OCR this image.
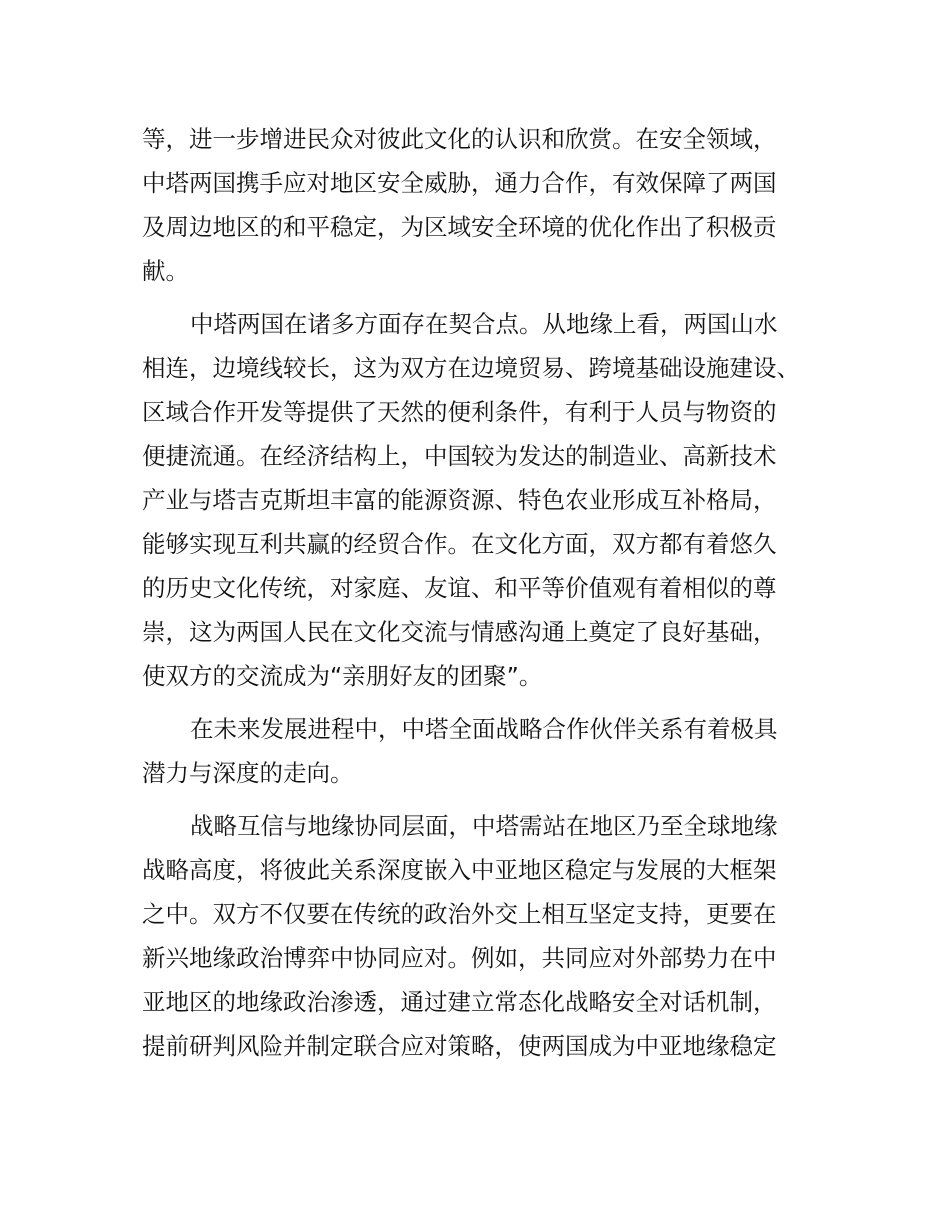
等，进一步增进民众对彼此文化的认识和欣赏。在安全领域，
中塔两国携手应对地区安全威胁，通力合作，有效保障了两国
及周边地区的和平稳定，为区域安全环境的优化作出了积极贡
献。
中塔两国在诸多方面存在契合点。从地缘上看，两国山水
相连，边境线较长，这为双方在边境贸易、跨境基础设施建设、
区域合作开发等提供了天然的便利条件，有利于人员与物资的
便捷流通。在经济结构上，中国较为发达的制造业、高新技术
产业与塔吉克斯坦丰富的能源资源、特色农业形成互补格局，
能够实现互利共赢的经贸合作。在文化方面，双方都有着悠久
的历史文化传统，对家庭、友谊、和平等价值观有着相似的尊
崇，这为两国人民在文化交流与情感沟通上奠定了良好基础，
使双方的交流成为“亲朋好友的团聚”。
在未来发展进程中，中塔全面战略合作伙伴关系有着极具
潜力与深度的走向。
战略互信与地缘协同层面，中塔需站在地区乃至全球地缘
战略高度，将彼此关系深度嵌入中亚地区稳定与发展的大框架
之中。双方不仅要在传统的政治外交上相互坚定支持，更要在
新兴地缘政治博弈中协同应对。例如，共同应对外部势力在中
亚地区的地缘政治渗透，通过建立常态化战略安全对话机制，
提前研判风险并制定联合应对策略，使两国成为中亚地缘稳定
